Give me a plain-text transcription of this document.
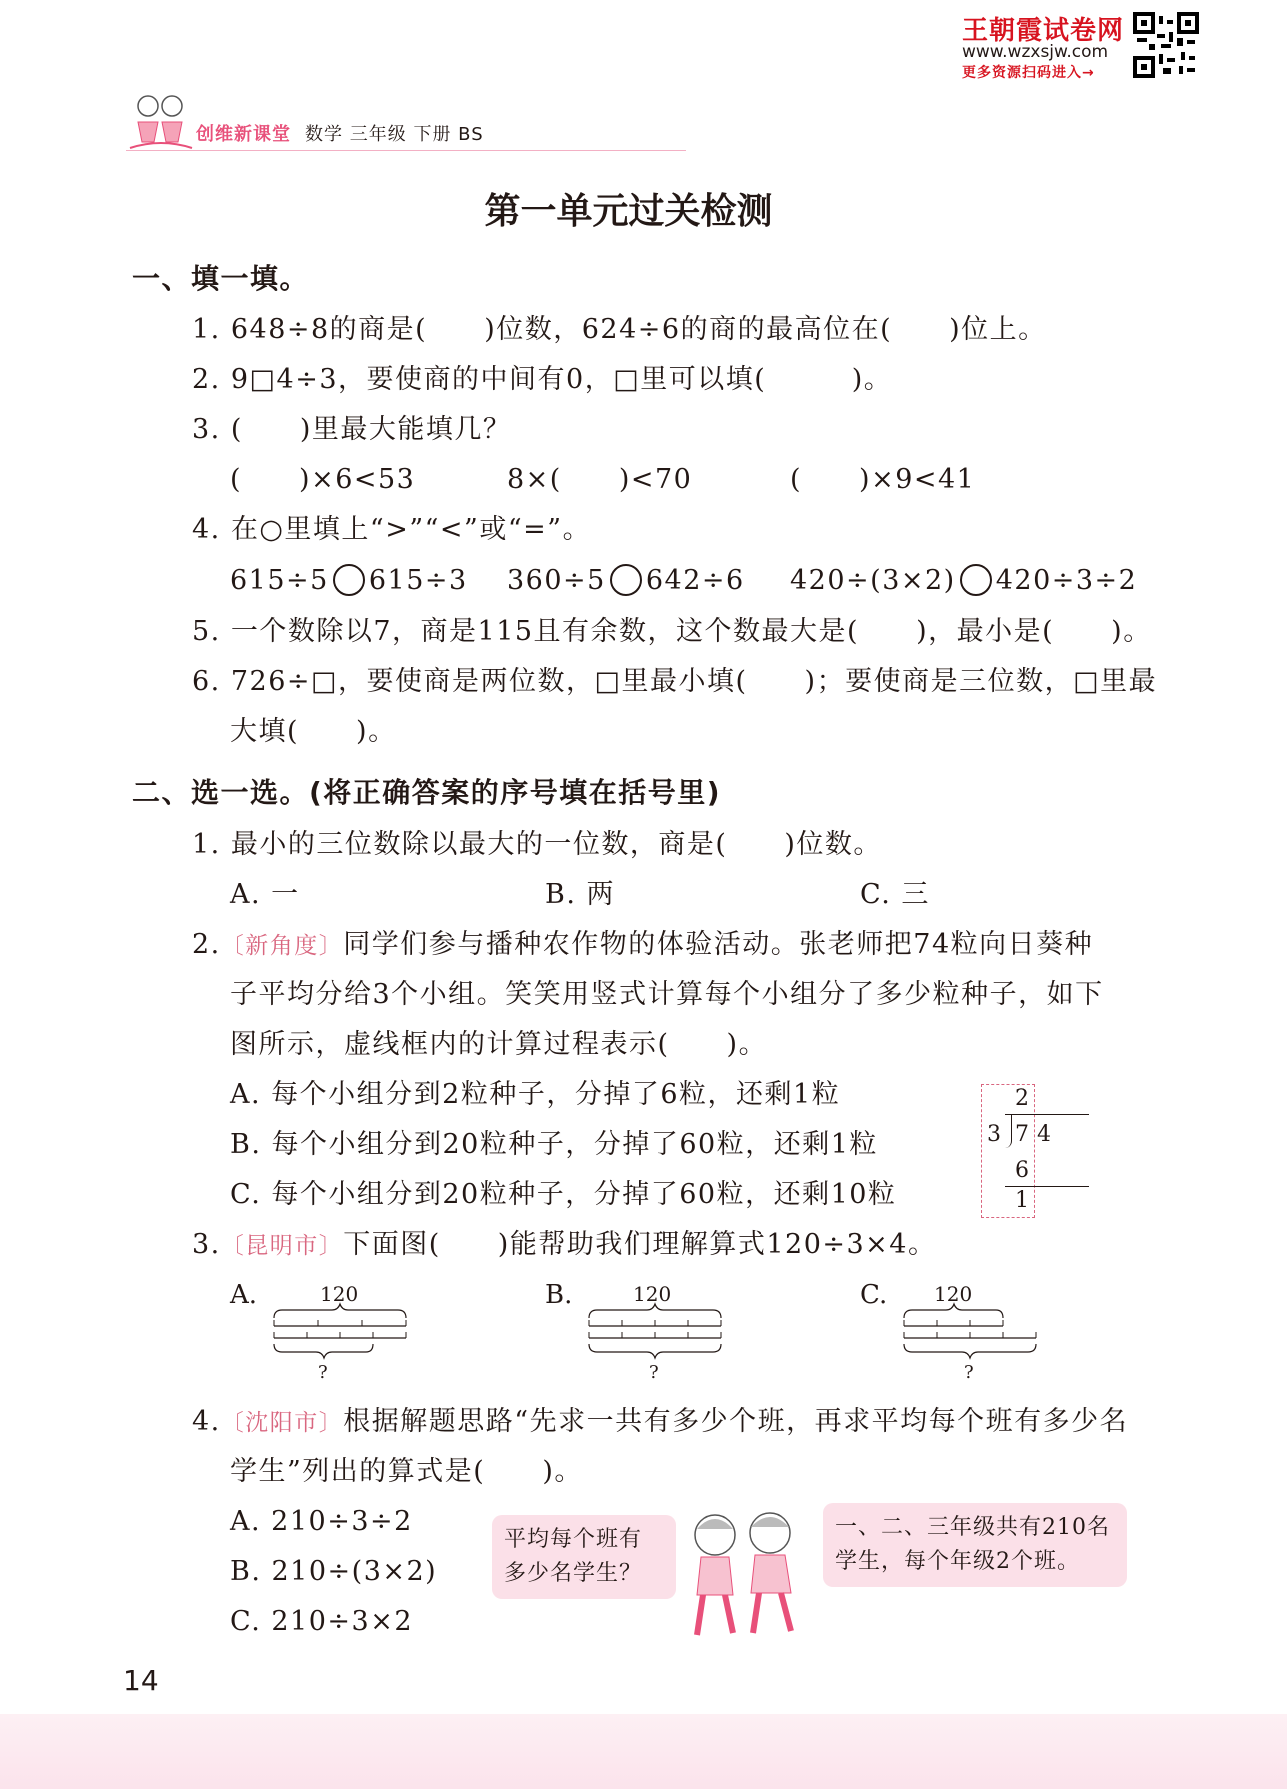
王朝霞试卷网
www.wzxsjw.com
更多资源扫码进入→
创维新课堂 数学 三年级 下册 BS
第一单元过关检测
一、填一填。
1. 648÷8的商是(　　)位数，624÷6的商的最高位在(　　)位上。
2. 9□4÷3，要使商的中间有0，□里可以填(　　　)。
3. (　　)里最大能填几？
(　　)×6<53	8×(　　)<70	(　　)×9<41
4. 在○里填上“>”“<”或“=”。
615÷5 615÷3 360÷5 642÷6 420÷(3×2) 420÷3÷2
5. 一个数除以7，商是115且有余数，这个数最大是(　　)，最小是(　　)。
6. 726÷□，要使商是两位数，□里最小填(　　)；要使商是三位数，□里最
大填(　　)。
二、选一选。(将正确答案的序号填在括号里)
1. 最小的三位数除以最大的一位数，商是(　　)位数。
A. 一	B. 两	C. 三
2.〔新角度〕同学们参与播种农作物的体验活动。张老师把74粒向日葵种
子平均分给3个小组。笑笑用竖式计算每个小组分了多少粒种子，如下
图所示，虚线框内的计算过程表示(　　)。
A. 每个小组分到2粒种子，分掉了6粒，还剩1粒
B. 每个小组分到20粒种子，分掉了60粒，还剩1粒
C. 每个小组分到20粒种子，分掉了60粒，还剩10粒
2
3 74
6
1
3.〔昆明市〕下面图(　　)能帮助我们理解算式120÷3×4。
A.	120
?
B.	120
?
C. 120
?
4.〔沈阳市〕根据解题思路“先求一共有多少个班，再求平均每个班有多少名
学生”列出的算式是(　　)。
A. 210÷3÷2
B. 210÷(3×2)
C. 210÷3×2
平均每个班有
多少名学生？
一、二、三年级共有210名
学生，每个年级2个班。
14
